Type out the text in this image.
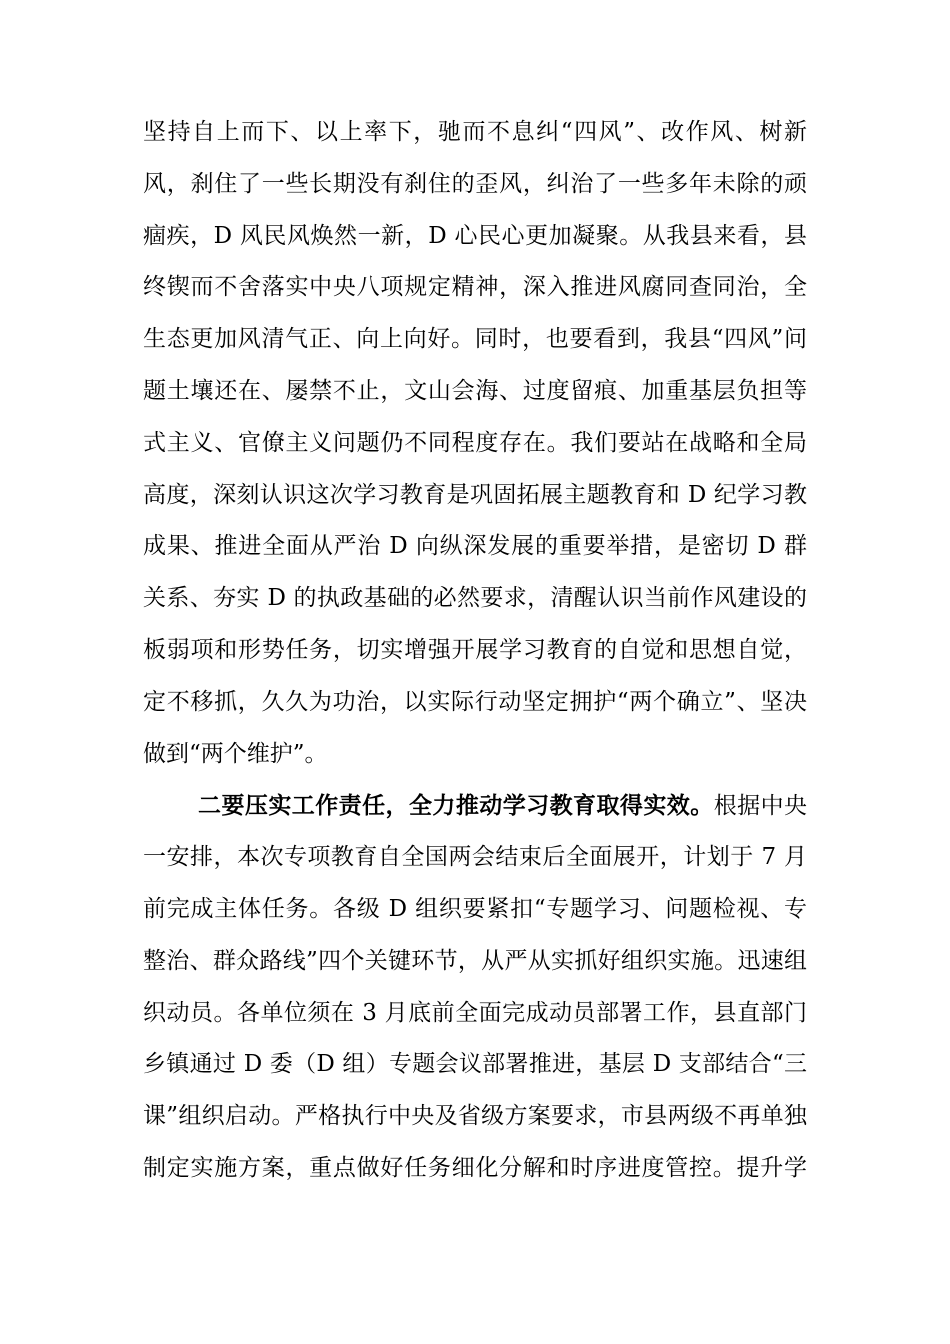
坚持自上而下、以上率下，驰而不息纠“四风”、改作风、树新
风，刹住了一些长期没有刹住的歪风，纠治了一些多年未除的顽
痼疾，D 风民风焕然一新，D 心民心更加凝聚。从我县来看，县
终锲而不舍落实中央八项规定精神，深入推进风腐同查同治，全
生态更加风清气正、向上向好。同时，也要看到，我县“四风”问
题土壤还在、屡禁不止，文山会海、过度留痕、加重基层负担等
式主义、官僚主义问题仍不同程度存在。我们要站在战略和全局
高度，深刻认识这次学习教育是巩固拓展主题教育和 D 纪学习教
成果、推进全面从严治 D 向纵深发展的重要举措，是密切 D 群
关系、夯实 D 的执政基础的必然要求，清醒认识当前作风建设的
板弱项和形势任务，切实增强开展学习教育的自觉和思想自觉，
定不移抓，久久为功治，以实际行动坚定拥护“两个确立”、坚决
做到“两个维护”。
二要压实工作责任，全力推动学习教育取得实效。根据中央
一安排，本次专项教育自全国两会结束后全面展开，计划于 7 月
前完成主体任务。各级 D 组织要紧扣“专题学习、问题检视、专
整治、群众路线”四个关键环节，从严从实抓好组织实施。迅速组
织动员。各单位须在 3 月底前全面完成动员部署工作，县直部门
乡镇通过 D 委（D 组）专题会议部署推进，基层 D 支部结合“三
课”组织启动。严格执行中央及省级方案要求，市县两级不再单独
制定实施方案，重点做好任务细化分解和时序进度管控。提升学
